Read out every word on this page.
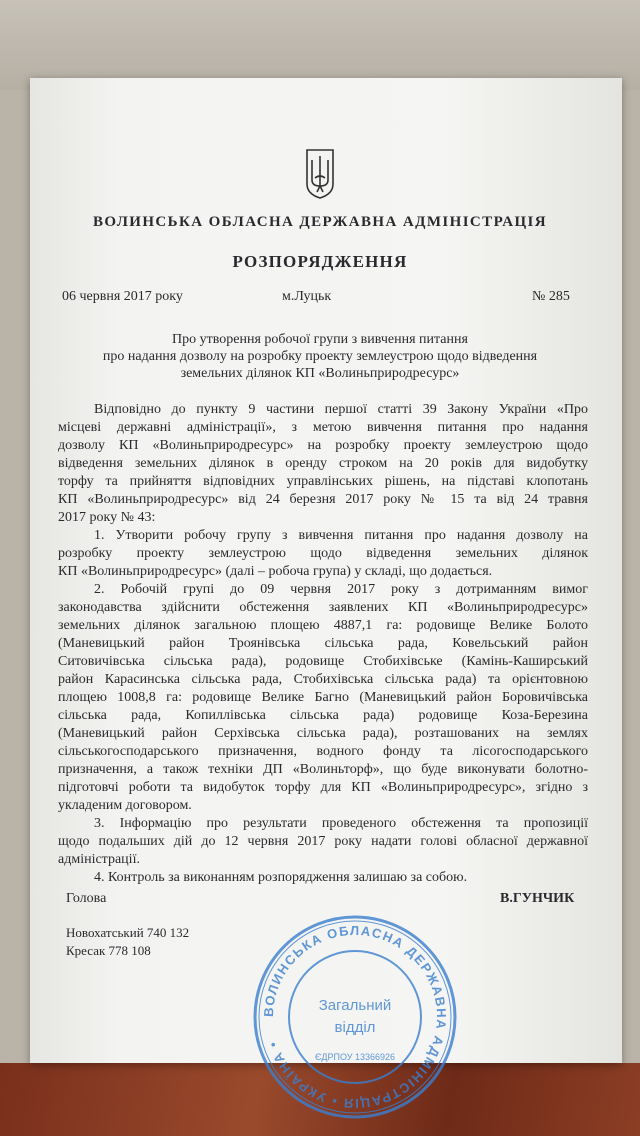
ВОЛИНСЬКА ОБЛАСНА ДЕРЖАВНА АДМІНІСТРАЦІЯ
РОЗПОРЯДЖЕННЯ
06 червня 2017 року	м.Луцьк	№ 285
Про утворення робочої групи з вивчення питання
про надання дозволу на розробку проекту землеустрою щодо відведення
земельних ділянок КП «Волиньприродресурс»
Відповідно до пункту 9 частини першої статті 39 Закону України «Про
місцеві державні адміністрації», з метою вивчення питання про надання
дозволу КП «Волиньприродресурс» на розробку проекту землеустрою щодо
відведення земельних ділянок в оренду строком на 20 років для видобутку
торфу та прийняття відповідних управлінських рішень, на підставі клопотань
КП «Волиньприродресурс» від 24 березня 2017 року № 15 та від 24 травня
2017 року № 43:
1. Утворити робочу групу з вивчення питання про надання дозволу на
розробку проекту землеустрою щодо відведення земельних ділянок
КП «Волиньприродресурс» (далі – робоча група) у складі, що додається.
2. Робочій групі до 09 червня 2017 року з дотриманням вимог
законодавства здійснити обстеження заявлених КП «Волиньприродресурс»
земельних ділянок загальною площею 4887,1 га: родовище Велике Болото
(Маневицький район Троянівська сільська рада, Ковельський район
Ситовичівська сільська рада), родовище Стобихівське (Камінь-Каширський
район Карасинська сільська рада, Стобихівська сільська рада) та орієнтовною
площею 1008,8 га: родовище Велике Багно (Маневицький район Боровичівська
сільська рада, Копиллівська сільська рада) родовище Коза-Березина
(Маневицький район Серхівська сільська рада), розташованих на землях
сільськогосподарського призначення, водного фонду та лісогосподарського
призначення, а також техніки ДП «Волиньторф», що буде виконувати болотно-
підготовчі роботи та видобуток торфу для КП «Волиньприродресурс», згідно з
укладеним договором.
3. Інформацію про результати проведеного обстеження та пропозиції
щодо подальших дій до 12 червня 2017 року надати голові обласної державної
адміністрації.
4. Контроль за виконанням розпорядження залишаю за собою.
Голова	В.ГУНЧИК
Новохатський 740 132
Кресак 778 108
ВОЛИНСЬКА ОБЛАСНА ДЕРЖАВНА АДМІНІСТРАЦІЯ • УКРАЇНА •
Загальний
відділ
ЄДРПОУ 13366926
